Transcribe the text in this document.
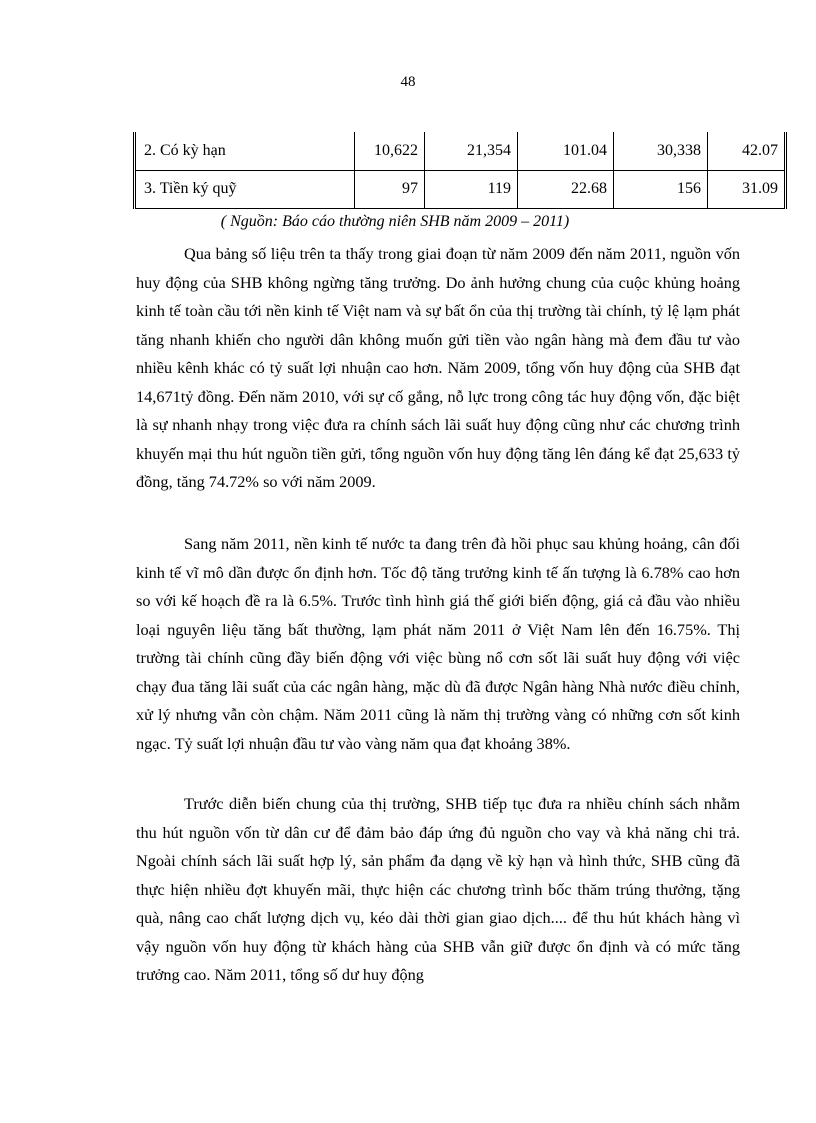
48
2. Có kỳ hạn	10,622	21,354	101.04	30,338	42.07
3. Tiền ký quỹ	97	119	22.68	156	31.09
( Nguồn: Báo cáo thường niên SHB năm 2009 – 2011)

Qua bảng số liệu trên ta thấy trong giai đoạn từ năm 2009 đến năm 2011, nguồn vốn huy động của SHB không ngừng tăng trưởng. Do ảnh hưởng chung của cuộc khủng hoảng kinh tế toàn cầu tới nền kinh tế Việt nam và sự bất ổn của thị trường tài chính, tỷ lệ lạm phát tăng nhanh khiến cho người dân không muốn gửi tiền vào ngân hàng mà đem đầu tư vào nhiều kênh khác có tỷ suất lợi nhuận cao hơn. Năm 2009, tổng vốn huy động của SHB đạt 14,671tỷ đồng. Đến năm 2010, với sự cố gắng, nỗ lực trong công tác huy động vốn, đặc biệt là sự nhanh nhạy trong việc đưa ra chính sách lãi suất huy động cũng như các chương trình khuyến mại thu hút nguồn tiền gửi, tổng nguồn vốn huy động tăng lên đáng kể đạt 25,633 tỷ đồng, tăng 74.72% so với năm 2009.

Sang năm 2011, nền kinh tế nước ta đang trên đà hồi phục sau khủng hoảng, cân đối kinh tế vĩ mô dần được ổn định hơn. Tốc độ tăng trưởng kinh tế ấn tượng là 6.78% cao hơn so với kế hoạch đề ra là 6.5%. Trước tình hình giá thế giới biến động, giá cả đầu vào nhiều loại nguyên liệu tăng bất thường, lạm phát năm 2011 ở Việt Nam lên đến 16.75%. Thị trường tài chính cũng đầy biến động với việc bùng nổ cơn sốt lãi suất huy động với việc chạy đua tăng lãi suất của các ngân hàng, mặc dù đã được Ngân hàng Nhà nước điều chỉnh, xử lý nhưng vẫn còn chậm. Năm 2011 cũng là năm thị trường vàng có những cơn sốt kinh ngạc. Tỷ suất lợi nhuận đầu tư vào vàng năm qua đạt khoảng 38%.

Trước diễn biến chung của thị trường, SHB tiếp tục đưa ra nhiều chính sách nhằm thu hút nguồn vốn từ dân cư để đảm bảo đáp ứng đủ nguồn cho vay và khả năng chi trả. Ngoài chính sách lãi suất hợp lý, sản phẩm đa dạng về kỳ hạn và hình thức, SHB cũng đã thực hiện nhiều đợt khuyến mãi, thực hiện các chương trình bốc thăm trúng thưởng, tặng quà, nâng cao chất lượng dịch vụ, kéo dài thời gian giao dịch.... để thu hút khách hàng vì vậy nguồn vốn huy động từ khách hàng của SHB vẫn giữ được ổn định và có mức tăng trưởng cao. Năm 2011, tổng số dư huy động
